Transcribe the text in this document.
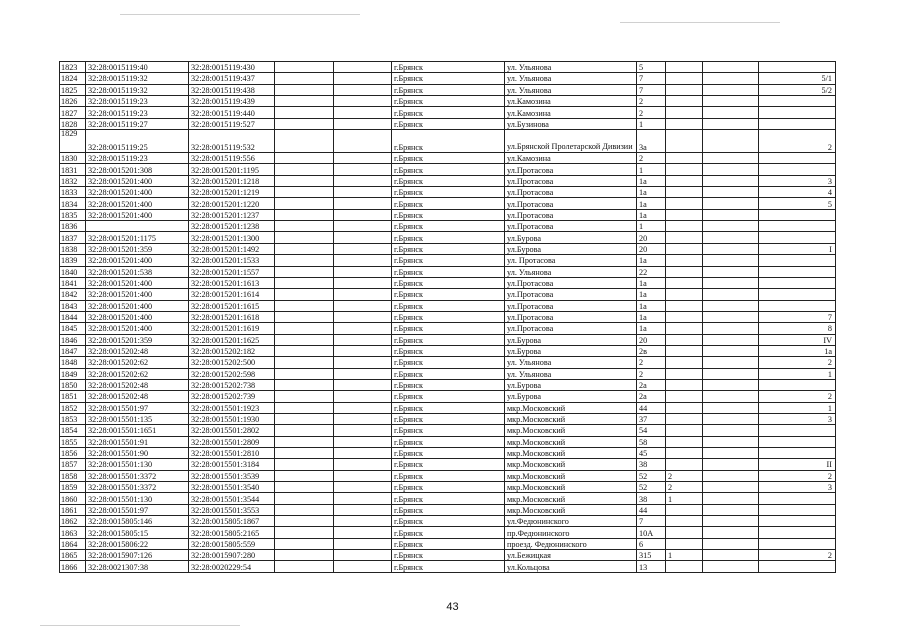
1823	32:28:0015119:40	32:28:0015119:430			г.Брянск	ул. Ульянова	5			
1824	32:28:0015119:32	32:28:0015119:437			г.Брянск	ул. Ульянова	7			5/1
1825	32:28:0015119:32	32:28:0015119:438			г.Брянск	ул. Ульянова	7			5/2
1826	32:28:0015119:23	32:28:0015119:439			г.Брянск	ул.Камозина	2			
1827	32:28:0015119:23	32:28:0015119:440			г.Брянск	ул.Камозина	2			
1828	32:28:0015119:27	32:28:0015119:527			г.Брянск	ул.Бузинова	1			
1829	32:28:0015119:25	32:28:0015119:532			г.Брянск	ул.Брянской Пролетарской Дивизии	3а			2
1830	32:28:0015119:23	32:28:0015119:556			г.Брянск	ул.Камозина	2			
1831	32:28:0015201:308	32:28:0015201:1195			г.Брянск	ул.Протасова	1			
1832	32:28:0015201:400	32:28:0015201:1218			г.Брянск	ул.Протасова	1а			3
1833	32:28:0015201:400	32:28:0015201:1219			г.Брянск	ул.Протасова	1а			4
1834	32:28:0015201:400	32:28:0015201:1220			г.Брянск	ул.Протасова	1а			5
1835	32:28:0015201:400	32:28:0015201:1237			г.Брянск	ул.Протасова	1а			
1836		32:28:0015201:1238			г.Брянск	ул.Протасова	1			
1837	32:28:0015201:1175	32:28:0015201:1300			г.Брянск	ул.Бурова	20			
1838	32:28:0015201:359	32:28:0015201:1492			г.Брянск	ул.Бурова	20			I
1839	32:28:0015201:400	32:28:0015201:1533			г.Брянск	ул. Протасова	1а			
1840	32:28:0015201:538	32:28:0015201:1557			г.Брянск	ул. Ульянова	22			
1841	32:28:0015201:400	32:28:0015201:1613			г.Брянск	ул.Протасова	1а			
1842	32:28:0015201:400	32:28:0015201:1614			г.Брянск	ул.Протасова	1а			
1843	32:28:0015201:400	32:28:0015201:1615			г.Брянск	ул.Протасова	1а			
1844	32:28:0015201:400	32:28:0015201:1618			г.Брянск	ул.Протасова	1а			7
1845	32:28:0015201:400	32:28:0015201:1619			г.Брянск	ул.Протасова	1а			8
1846	32:28:0015201:359	32:28:0015201:1625			г.Брянск	ул.Бурова	20			IV
1847	32:28:0015202:48	32:28:0015202:182			г.Брянск	ул.Бурова	2в			1а
1848	32:28:0015202:62	32:28:0015202:500			г.Брянск	ул. Ульянова	2			2
1849	32:28:0015202:62	32:28:0015202:598			г.Брянск	ул. Ульянова	2			1
1850	32:28:0015202:48	32:28:0015202:738			г.Брянск	ул.Бурова	2а			
1851	32:28:0015202:48	32:28:0015202:739			г.Брянск	ул.Бурова	2а			2
1852	32:28:0015501:97	32:28:0015501:1923			г.Брянск	мкр.Московский	44			1
1853	32:28:0015501:135	32:28:0015501:1930			г.Брянск	мкр.Московский	37			3
1854	32:28:0015501:1651	32:28:0015501:2802			г.Брянск	мкр.Московский	54			
1855	32:28:0015501:91	32:28:0015501:2809			г.Брянск	мкр.Московский	58			
1856	32:28:0015501:90	32:28:0015501:2810			г.Брянск	мкр.Московский	45			
1857	32:28:0015501:130	32:28:0015501:3184			г.Брянск	мкр.Московский	38			II
1858	32:28:0015501:3372	32:28:0015501:3539			г.Брянск	мкр.Московский	52	2		2
1859	32:28:0015501:3372	32:28:0015501:3540			г.Брянск	мкр.Московский	52	2		3
1860	32:28:0015501:130	32:28:0015501:3544			г.Брянск	мкр.Московский	38	1		
1861	32:28:0015501:97	32:28:0015501:3553			г.Брянск	мкр.Московский	44			
1862	32:28:0015805:146	32:28:0015805:1867			г.Брянск	ул.Федюнинского	7			
1863	32:28:0015805:15	32:28:0015805:2165			г.Брянск	пр.Федюнинского	10А			
1864	32:28:0015806:22	32:28:0015805:559			г.Брянск	проезд. Федюнинского	6			
1865	32:28:0015907:126	32:28:0015907:280			г.Брянск	ул.Бежицкая	315	1		2
1866	32:28:0021307:38	32:28:0020229:54			г.Брянск	ул.Кольцова	13			
43
